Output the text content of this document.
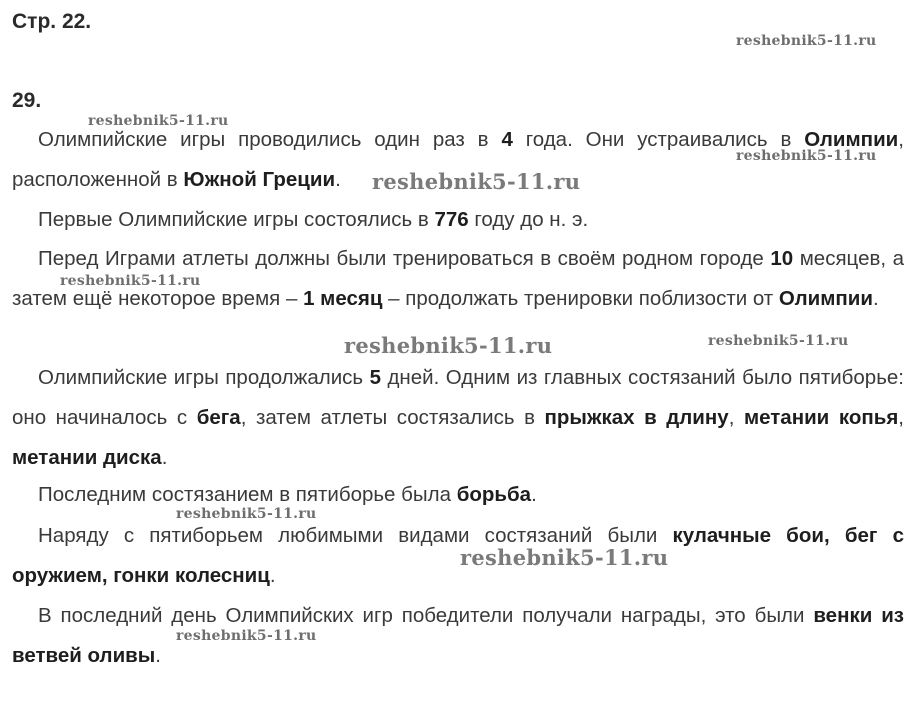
Стр. 22.
29.

Олимпийские игры проводились один раз в 4 года. Они устраивались в Олимпии, расположенной в Южной Греции.

Первые Олимпийские игры состоялись в 776 году до н. э.

Перед Играми атлеты должны были тренироваться в своём родном городе 10 месяцев, а затем ещё некоторое время – 1 месяц – продолжать тренировки поблизости от Олимпии.

Олимпийские игры продолжались 5 дней. Одним из главных состязаний было пятиборье: оно начиналось с бега, затем атлеты состязались в прыжках в длину, метании копья, метании диска.

Последним состязанием в пятиборье была борьба.

Наряду с пятиборьем любимыми видами состязаний были кулачные бои, бег с оружием, гонки колесниц.

В последний день Олимпийских игр победители получали награды, это были венки из ветвей оливы.

reshebnik5-11.ru
reshebnik5-11.ru
reshebnik5-11.ru
reshebnik5-11.ru
reshebnik5-11.ru
reshebnik5-11.ru	reshebnik5-11.ru
reshebnik5-11.ru
reshebnik5-11.ru
reshebnik5-11.ru
